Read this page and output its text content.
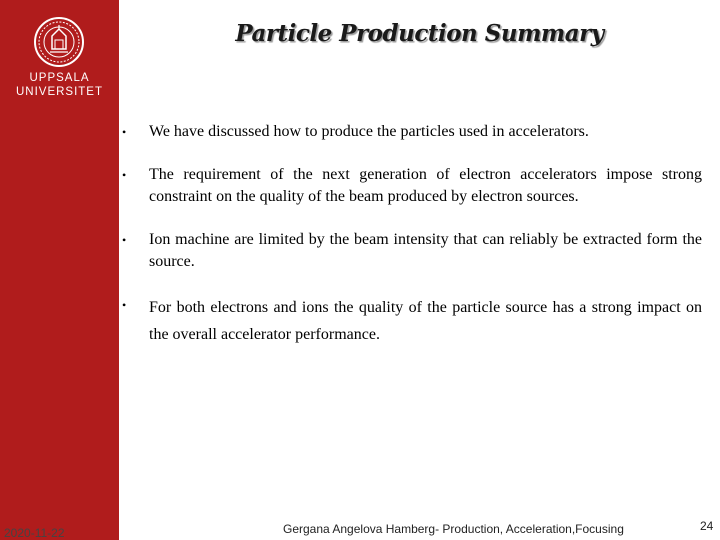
UPPSALA
UNIVERSITET
2020-11-22
Particle Production Summary
• We have discussed how to produce the particles used in accelerators.
• The requirement of the next generation of electron accelerators impose strong constraint on the quality of the beam produced by electron sources.
• Ion machine are limited by the beam intensity that can reliably be extracted form the source.
• For both electrons and ions the quality of the particle source has a strong impact on the overall accelerator performance.
Gergana Angelova Hamberg- Production, Acceleration,Focusing	24
